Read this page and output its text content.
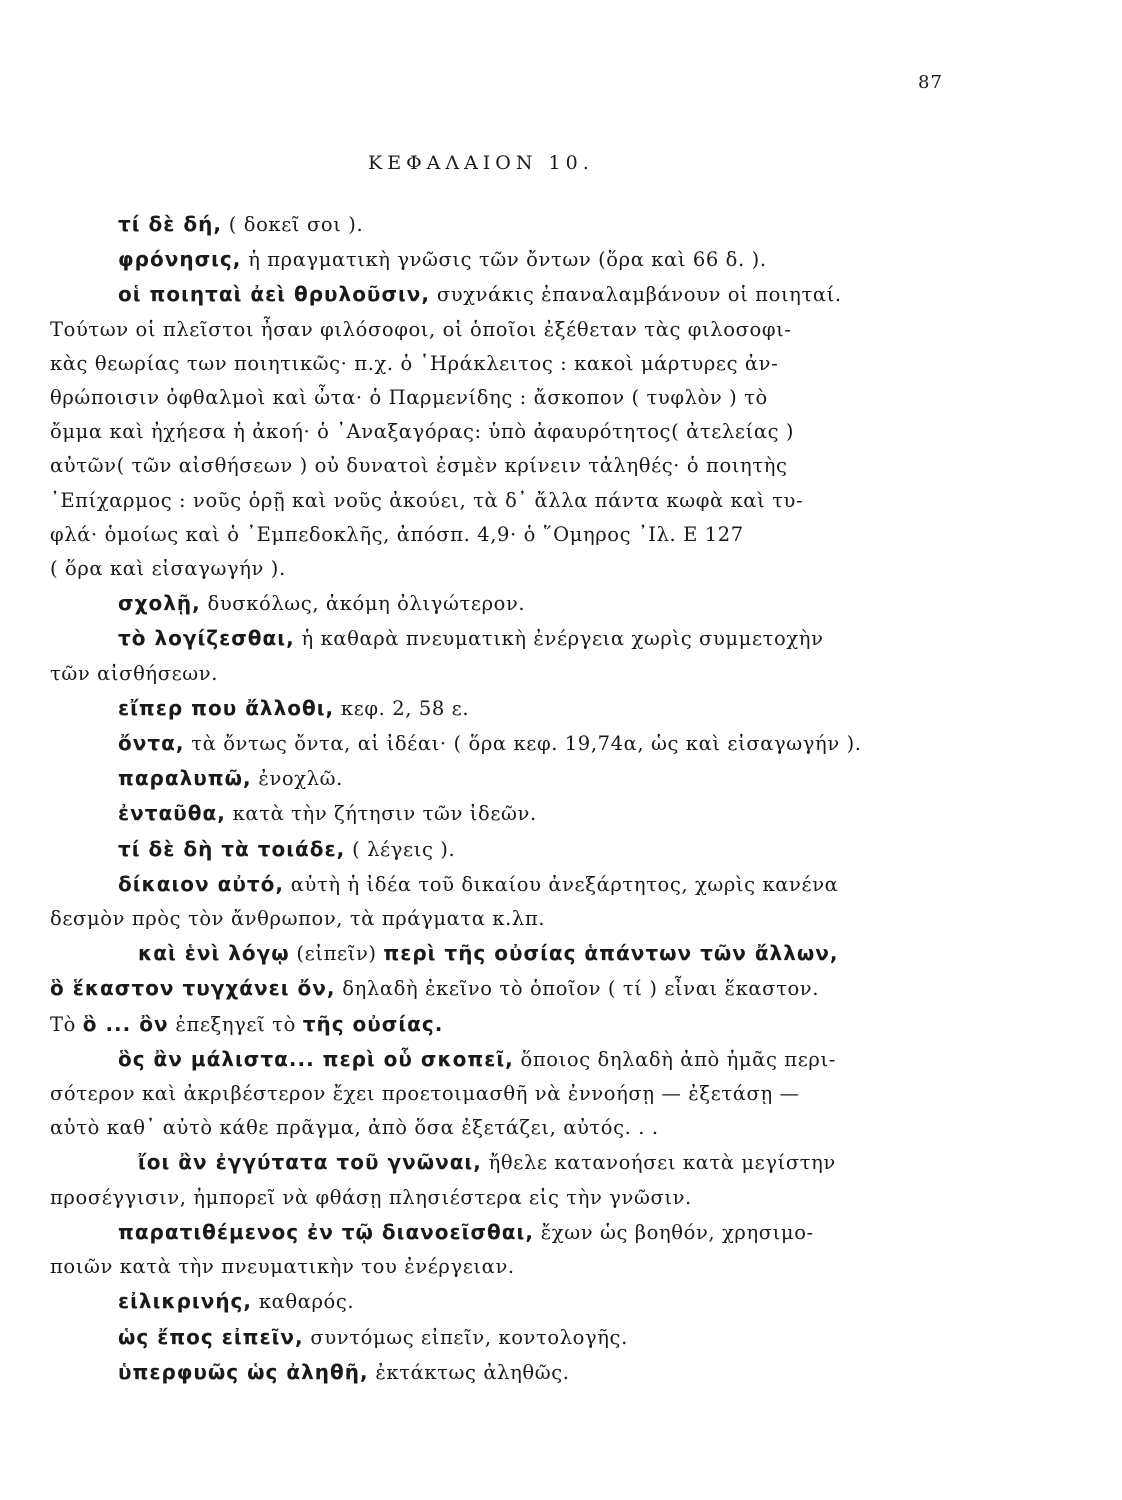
87
ΚΕΦΑΛΑΙΟΝ 10.
τί δὲ δή, ( δοκεῖ σοι ).
φρόνησις, ἡ πραγματικὴ γνῶσις τῶν ὄντων (ὅρα καὶ 66 δ. ).
οἱ ποιηταὶ ἀεὶ θρυλοῦσιν, συχνάκις ἐπαναλαμβάνουν οἱ ποιηταί.
Τούτων οἱ πλεῖστοι ἦσαν φιλόσοφοι, οἱ ὁποῖοι ἐξέθεταν τὰς φιλοσοφι-
κὰς θεωρίας των ποιητικῶς· π.χ. ὁ ῾Ηράκλειτος : κακοὶ μάρτυρες ἀν-
θρώποισιν ὀφθαλμοὶ καὶ ὦτα· ὁ Παρμενίδης : ἄσκοπον ( τυφλὸν ) τὸ
ὄμμα καὶ ἠχήεσα ἡ ἀκοή· ὁ ᾿Αναξαγόρας: ὑπὸ ἀφαυρότητος( ἀτελείας )
αὐτῶν( τῶν αἰσθήσεων ) οὐ δυνατοὶ ἐσμὲν κρίνειν τἀληθές· ὁ ποιητὴς
᾿Επίχαρμος : νοῦς ὁρῇ καὶ νοῦς ἀκούει, τὰ δ᾿ ἄλλα πάντα κωφὰ καὶ τυ-
φλά· ὁμοίως καὶ ὁ ᾿Εμπεδοκλῆς, ἀπόσπ. 4,9· ὁ ῞Ομηρος ᾿Ιλ. Ε 127
( ὅρα καὶ εἰσαγωγήν ).
σχολῇ, δυσκόλως, ἀκόμη ὀλιγώτερον.
τὸ λογίζεσθαι, ἡ καθαρὰ πνευματικὴ ἐνέργεια χωρὶς συμμετοχὴν
τῶν αἰσθήσεων.
εἴπερ που ἄλλοθι, κεφ. 2, 58 ε.
ὄντα, τὰ ὄντως ὄντα, αἱ ἰδέαι· ( ὅρα κεφ. 19,74α, ὡς καὶ εἰσαγωγήν ).
παραλυπῶ, ἐνοχλῶ.
ἐνταῦθα, κατὰ τὴν ζήτησιν τῶν ἰδεῶν.
τί δὲ δὴ τὰ τοιάδε, ( λέγεις ).
δίκαιον αὐτό, αὐτὴ ἡ ἰδέα τοῦ δικαίου ἀνεξάρτητος, χωρὶς κανένα
δεσμὸν πρὸς τὸν ἄνθρωπον, τὰ πράγματα κ.λπ.
καὶ ἑνὶ λόγῳ (εἰπεῖν) περὶ τῆς οὐσίας ἁπάντων τῶν ἄλλων,
ὃ ἕκαστον τυγχάνει ὄν, δηλαδὴ ἐκεῖνο τὸ ὁποῖον ( τί ) εἶναι ἕκαστον.
Τὸ ὃ ... ὂν ἐπεξηγεῖ τὸ τῆς οὐσίας.
ὃς ἂν μάλιστα... περὶ οὗ σκοπεῖ, ὅποιος δηλαδὴ ἀπὸ ἡμᾶς περι-
σότερον καὶ ἀκριβέστερον ἔχει προετοιμασθῆ νὰ ἐννοήσῃ — ἐξετάσῃ —
αὐτὸ καθ᾿ αὐτὸ κάθε πρᾶγμα, ἀπὸ ὅσα ἐξετάζει, αὐτός. . .
ἴοι ἂν ἐγγύτατα τοῦ γνῶναι, ἤθελε κατανοήσει κατὰ μεγίστην
προσέγγισιν, ἠμπορεῖ νὰ φθάσῃ πλησιέστερα εἰς τὴν γνῶσιν.
παρατιθέμενος ἐν τῷ διανοεῖσθαι, ἔχων ὡς βοηθόν, χρησιμο-
ποιῶν κατὰ τὴν πνευματικὴν του ἐνέργειαν.
εἰλικρινής, καθαρός.
ὡς ἔπος εἰπεῖν, συντόμως εἰπεῖν, κοντολογῆς.
ὑπερφυῶς ὡς ἀληθῆ, ἐκτάκτως ἀληθῶς.
